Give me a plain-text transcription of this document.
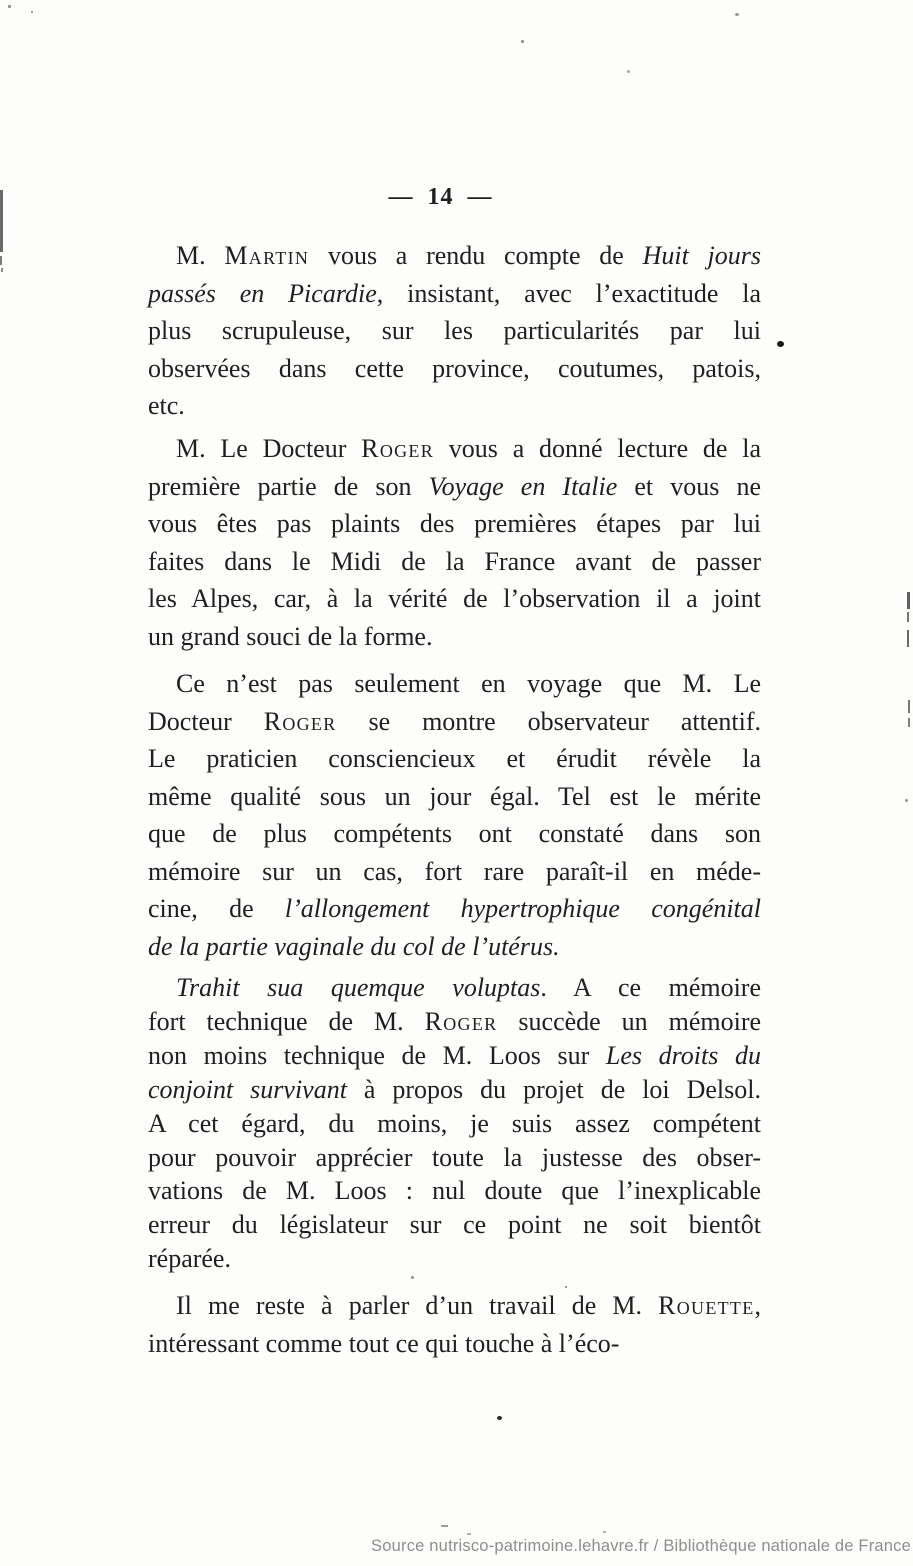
— 14 —
M. Martin vous a rendu compte de Huit jours
passés en Picardie, insistant, avec l’exactitude la
plus scrupuleuse, sur les particularités par lui
observées dans cette province, coutumes, patois,
etc.
M. Le Docteur Roger vous a donné lecture de la
première partie de son Voyage en Italie et vous ne
vous êtes pas plaints des premières étapes par lui
faites dans le Midi de la France avant de passer
les Alpes, car, à la vérité de l’observation il a joint
un grand souci de la forme.
Ce n’est pas seulement en voyage que M. Le
Docteur Roger se montre observateur attentif.
Le praticien consciencieux et érudit révèle la
même qualité sous un jour égal. Tel est le mérite
que de plus compétents ont constaté dans son
mémoire sur un cas, fort rare paraît-il en méde-
cine, de l’allongement hypertrophique congénital
de la partie vaginale du col de l’utérus.
Trahit sua quemque voluptas. A ce mémoire
fort technique de M. Roger succède un mémoire
non moins technique de M. Loos sur Les droits du
conjoint survivant à propos du projet de loi Delsol.
A cet égard, du moins, je suis assez compétent
pour pouvoir apprécier toute la justesse des obser-
vations de M. Loos : nul doute que l’inexplicable
erreur du législateur sur ce point ne soit bientôt
réparée.
Il me reste à parler d’un travail de M. Rouette,
intéressant comme tout ce qui touche à l’éco-
Source nutrisco-patrimoine.lehavre.fr / Bibliothèque nationale de France
